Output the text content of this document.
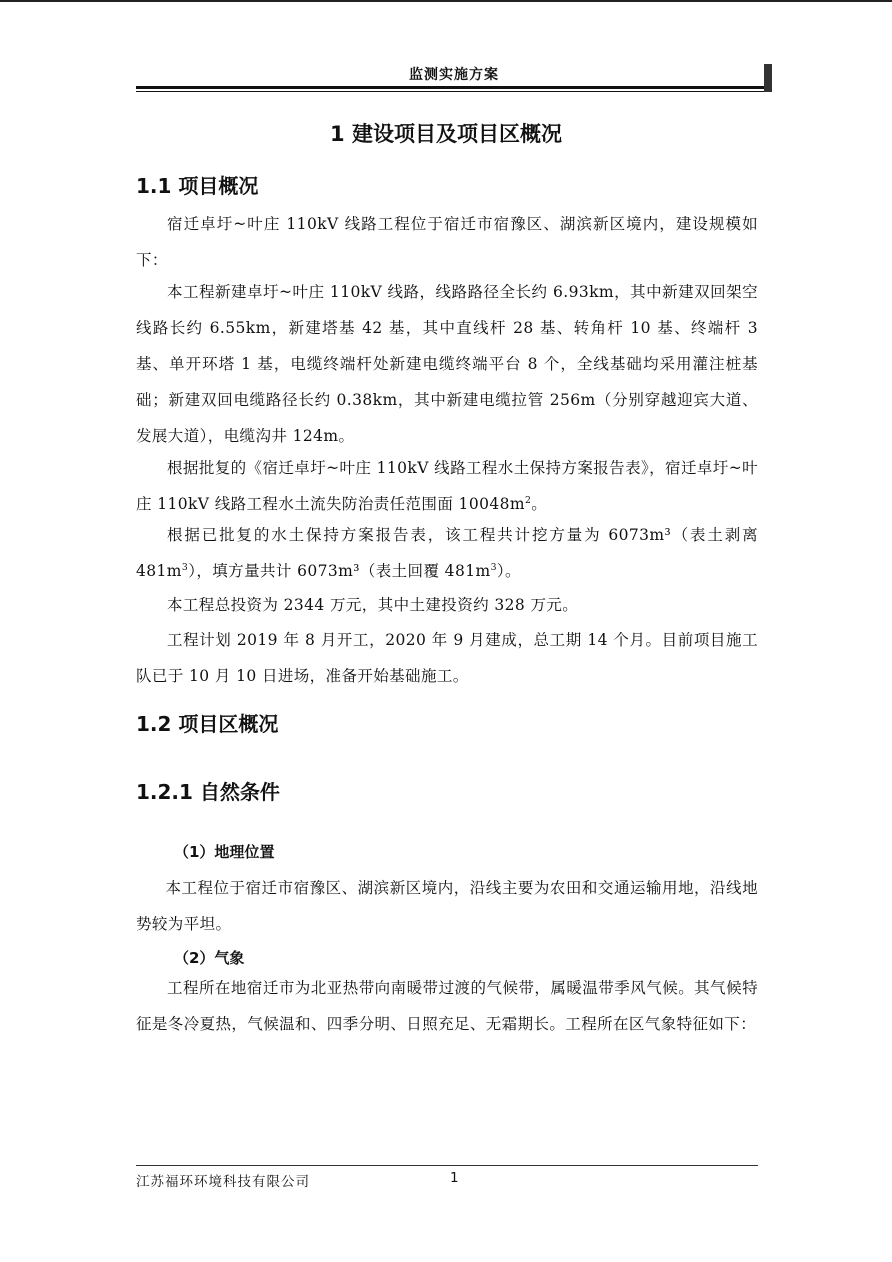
监测实施方案
1 建设项目及项目区概况
1.1 项目概况

宿迁卓圩~叶庄 110kV 线路工程位于宿迁市宿豫区、湖滨新区境内，建设规模如下：

本工程新建卓圩~叶庄 110kV 线路，线路路径全长约 6.93km，其中新建双回架空线路长约 6.55km，新建塔基 42 基，其中直线杆 28 基、转角杆 10 基、终端杆 3 基、单开环塔 1 基，电缆终端杆处新建电缆终端平台 8 个，全线基础均采用灌注桩基础；新建双回电缆路径长约 0.38km，其中新建电缆拉管 256m（分别穿越迎宾大道、发展大道），电缆沟井 124m。

根据批复的《宿迁卓圩~叶庄 110kV 线路工程水土保持方案报告表》，宿迁卓圩~叶庄 110kV 线路工程水土流失防治责任范围面 $10048m^2$。

根据已批复的水土保持方案报告表，该工程共计挖方量为 6073m³（表土剥离 $481m^3$），填方量共计 6073m³（表土回覆 $481m^3$）。

本工程总投资为 2344 万元，其中土建投资约 328 万元。

工程计划 2019 年 8 月开工，2020 年 9 月建成，总工期 14 个月。目前项目施工队已于 10 月 10 日进场，准备开始基础施工。

1.2 项目区概况
1.2.1 自然条件
（1）地理位置

本工程位于宿迁市宿豫区、湖滨新区境内，沿线主要为农田和交通运输用地，沿线地势较为平坦。

（2）气象

工程所在地宿迁市为北亚热带向南暖带过渡的气候带，属暖温带季风气候。其气候特征是冬冷夏热，气候温和、四季分明、日照充足、无霜期长。工程所在区气象特征如下：

江苏福环环境科技有限公司	1
